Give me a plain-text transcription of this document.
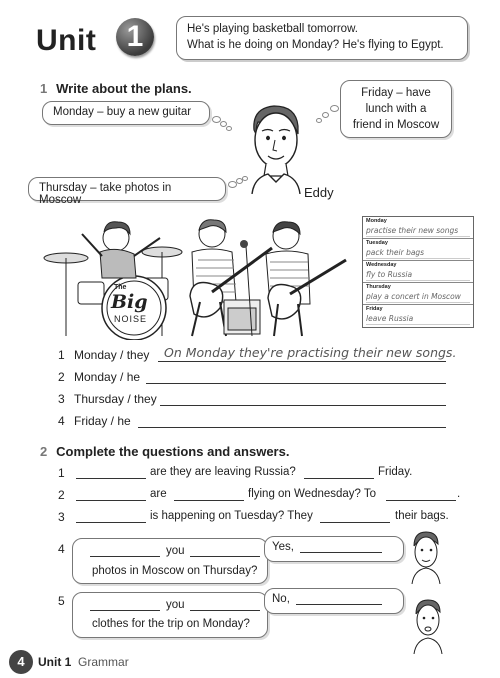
Unit	1	He's playing basketball tomorrow.
What is he doing on Monday? He's flying to Egypt.
1 Write about the plans.
Monday – buy a new guitar
Friday – have
lunch with a
friend in Moscow
Thursday – take photos in Moscow	Eddy
The
Big
NOISE
Monday
practise their new songs
Tuesday
pack their bags
Wednesday
fly to Russia
Thursday
play a concert in Moscow
Friday
leave Russia
1 Monday / they On Monday they're practising their new songs.
2 Monday / he
3 Thursday / they
4 Friday / he
2 Complete the questions and answers.
1	are they are leaving Russia?	Friday.
2	are	flying on Wednesday? To	.
3	is happening on Tuesday? They	their bags.
4	you
photos in Moscow on Thursday?
Yes,
5	you
clothes for the trip on Monday?
No,
4	Unit 1 Grammar
